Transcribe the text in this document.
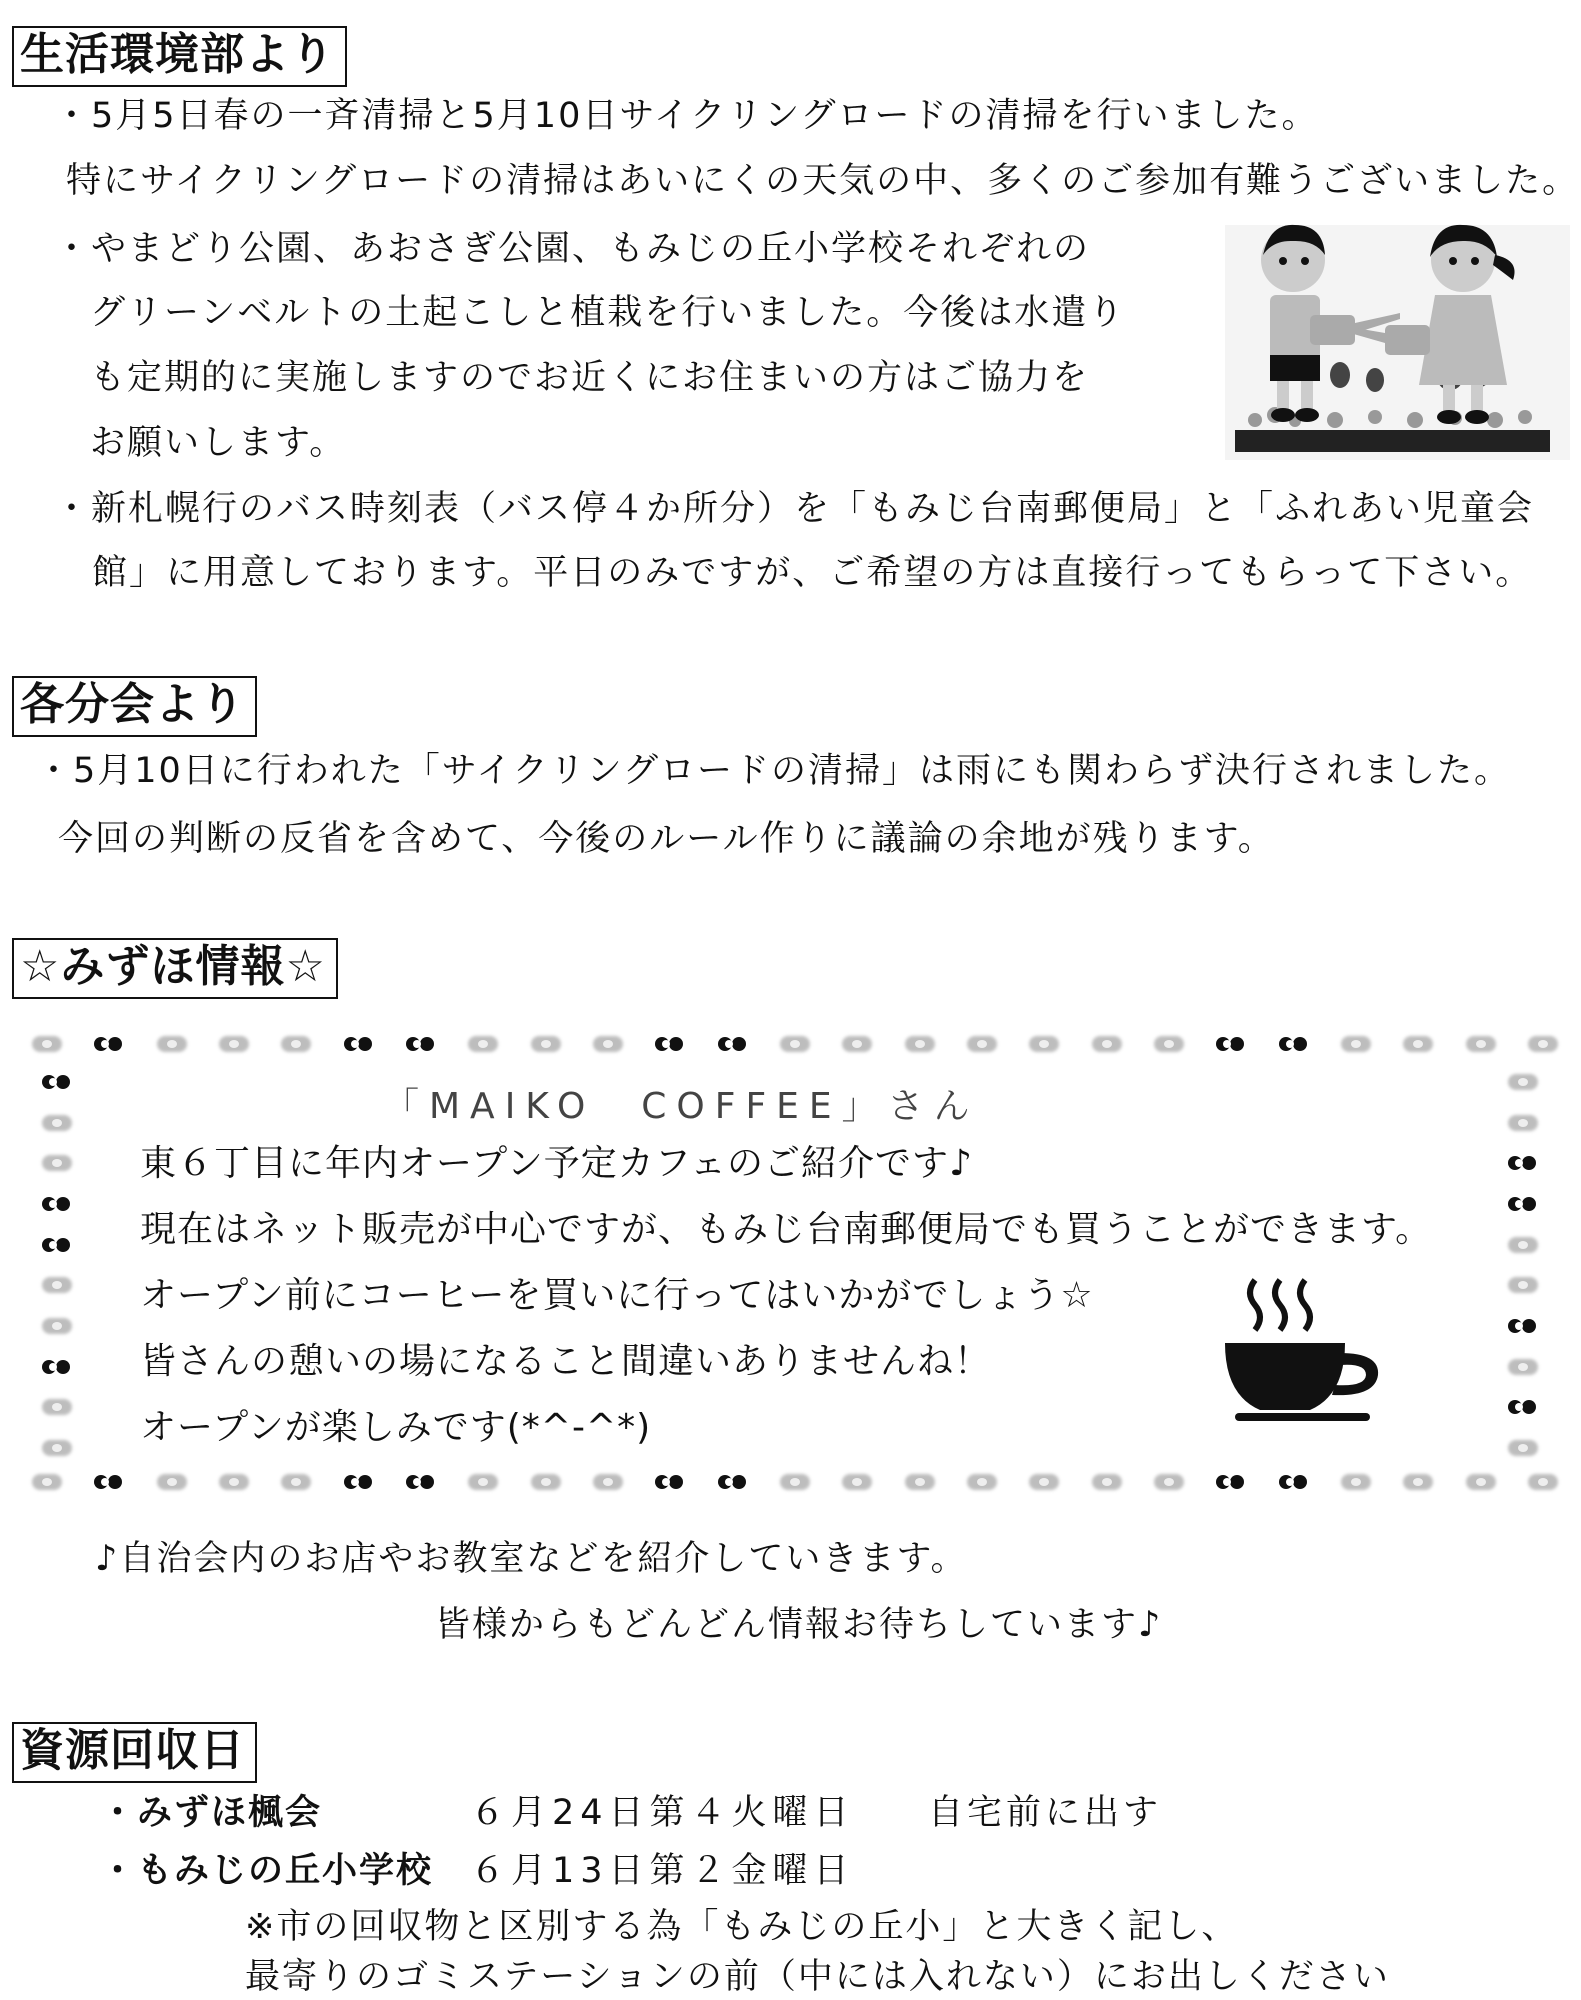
生活環境部より
・5月5日春の一斉清掃と5月10日サイクリングロードの清掃を行いました。
特にサイクリングロードの清掃はあいにくの天気の中、多くのご参加有難うございました。
・やまどり公園、あおさぎ公園、もみじの丘小学校それぞれの
グリーンベルトの土起こしと植栽を行いました。今後は水遣り
も定期的に実施しますのでお近くにお住まいの方はご協力を
お願いします。
・新札幌行のバス時刻表（バス停４か所分）を「もみじ台南郵便局」と「ふれあい児童会
館」に用意しております。平日のみですが、ご希望の方は直接行ってもらって下さい。
各分会より
・5月10日に行われた「サイクリングロードの清掃」は雨にも関わらず決行されました。
今回の判断の反省を含めて、今後のルール作りに議論の余地が残ります。
☆みずほ情報☆
「MAIKO　COFFEE」さん
東６丁目に年内オープン予定カフェのご紹介です♪
現在はネット販売が中心ですが、もみじ台南郵便局でも買うことができます。
オープン前にコーヒーを買いに行ってはいかがでしょう☆
皆さんの憩いの場になること間違いありませんね！
オープンが楽しみです(*^-^*)
♪自治会内のお店やお教室などを紹介していきます。
皆様からもどんどん情報お待ちしています♪
資源回収日
・みずほ楓会	６月24日第４火曜日 自宅前に出す
・もみじの丘小学校 ６月13日第２金曜日
※市の回収物と区別する為「もみじの丘小」と大きく記し、
最寄りのゴミステーションの前（中には入れない）にお出しください
